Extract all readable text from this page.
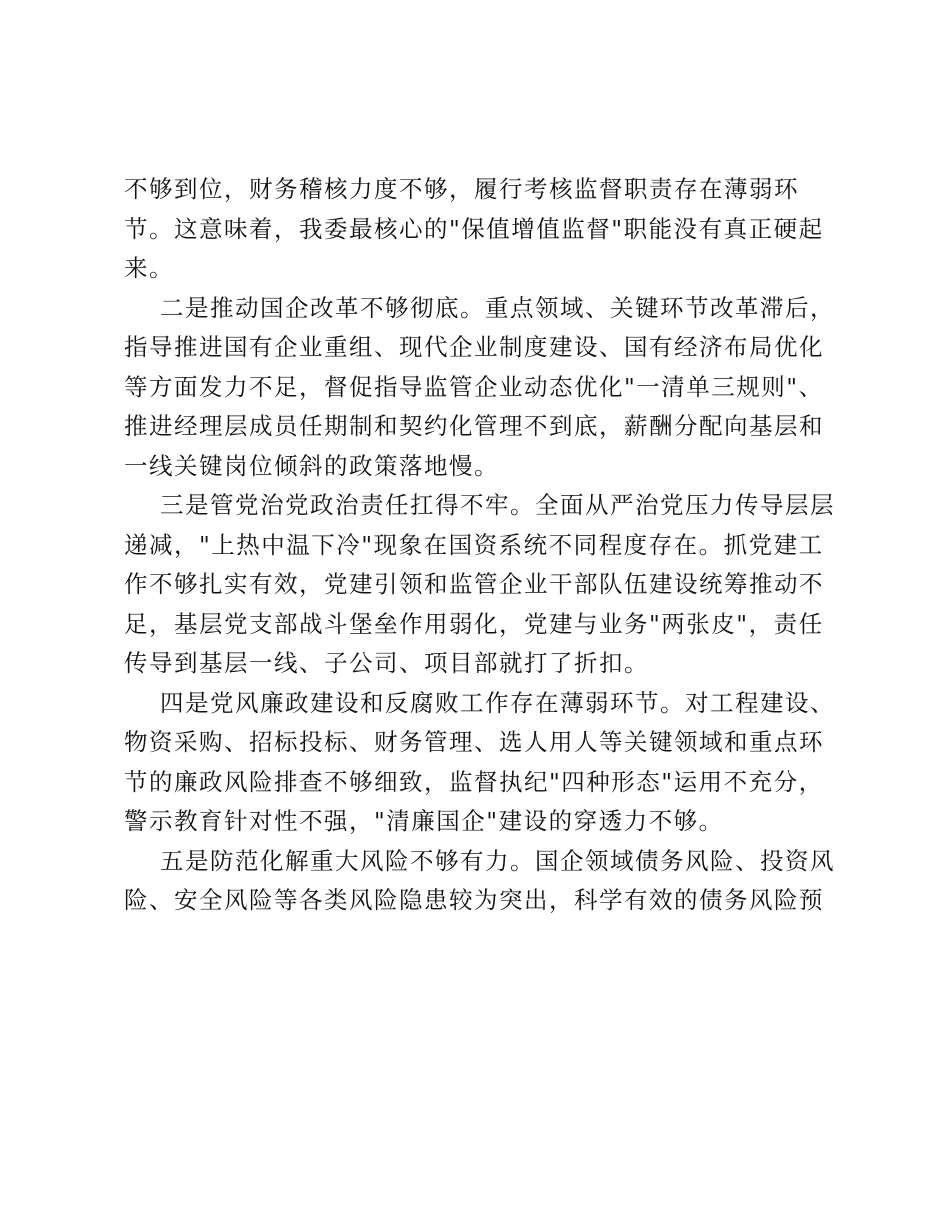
不够到位，财务稽核力度不够，履行考核监督职责存在薄弱环
节。这意味着，我委最核心的"保值增值监督"职能没有真正硬起
来。
二是推动国企改革不够彻底。重点领域、关键环节改革滞后，
指导推进国有企业重组、现代企业制度建设、国有经济布局优化
等方面发力不足，督促指导监管企业动态优化"一清单三规则"、
推进经理层成员任期制和契约化管理不到底，薪酬分配向基层和
一线关键岗位倾斜的政策落地慢。
三是管党治党政治责任扛得不牢。全面从严治党压力传导层层
递减，"上热中温下冷"现象在国资系统不同程度存在。抓党建工
作不够扎实有效，党建引领和监管企业干部队伍建设统筹推动不
足，基层党支部战斗堡垒作用弱化，党建与业务"两张皮"，责任
传导到基层一线、子公司、项目部就打了折扣。
四是党风廉政建设和反腐败工作存在薄弱环节。对工程建设、
物资采购、招标投标、财务管理、选人用人等关键领域和重点环
节的廉政风险排查不够细致，监督执纪"四种形态"运用不充分，
警示教育针对性不强，"清廉国企"建设的穿透力不够。
五是防范化解重大风险不够有力。国企领域债务风险、投资风
险、安全风险等各类风险隐患较为突出，科学有效的债务风险预
